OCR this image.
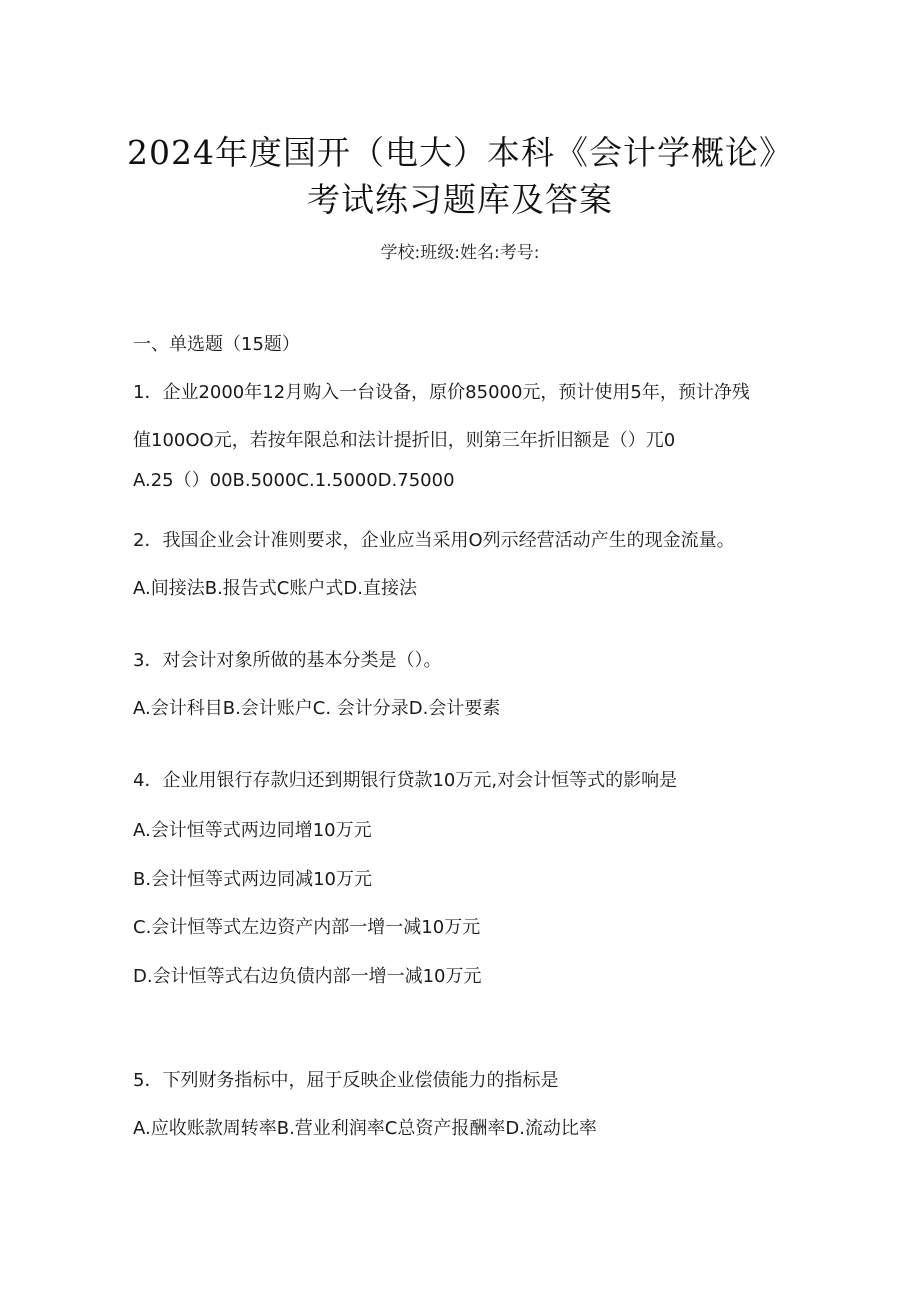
2024年度国开（电大）本科《会计学概论》
考试练习题库及答案
学校:班级:姓名:考号:
一、单选题（15题）
1．企业2000年12月购入一台设备，原价85000元，预计使用5年，预计净残
值100OO元，若按年限总和法计提折旧，则第三年折旧额是（）兀0
A.25（）00B.5000C.1.5000D.75000
2．我国企业会计准则要求，企业应当采用O列示经营活动产生的现金流量。
A.间接法B.报告式C账户式D.直接法
3．对会计对象所做的基本分类是（）。
A.会计科目B.会计账户C. 会计分录D.会计要素
4．企业用银行存款归还到期银行贷款10万元,对会计恒等式的影响是
A.会计恒等式两边同增10万元
B.会计恒等式两边同减10万元
C.会计恒等式左边资产内部一增一减10万元
D.会计恒等式右边负债内部一增一减10万元
5．下列财务指标中，屈于反映企业偿债能力的指标是
A.应收账款周转率B.营业利润率C总资产报酬率D.流动比率
